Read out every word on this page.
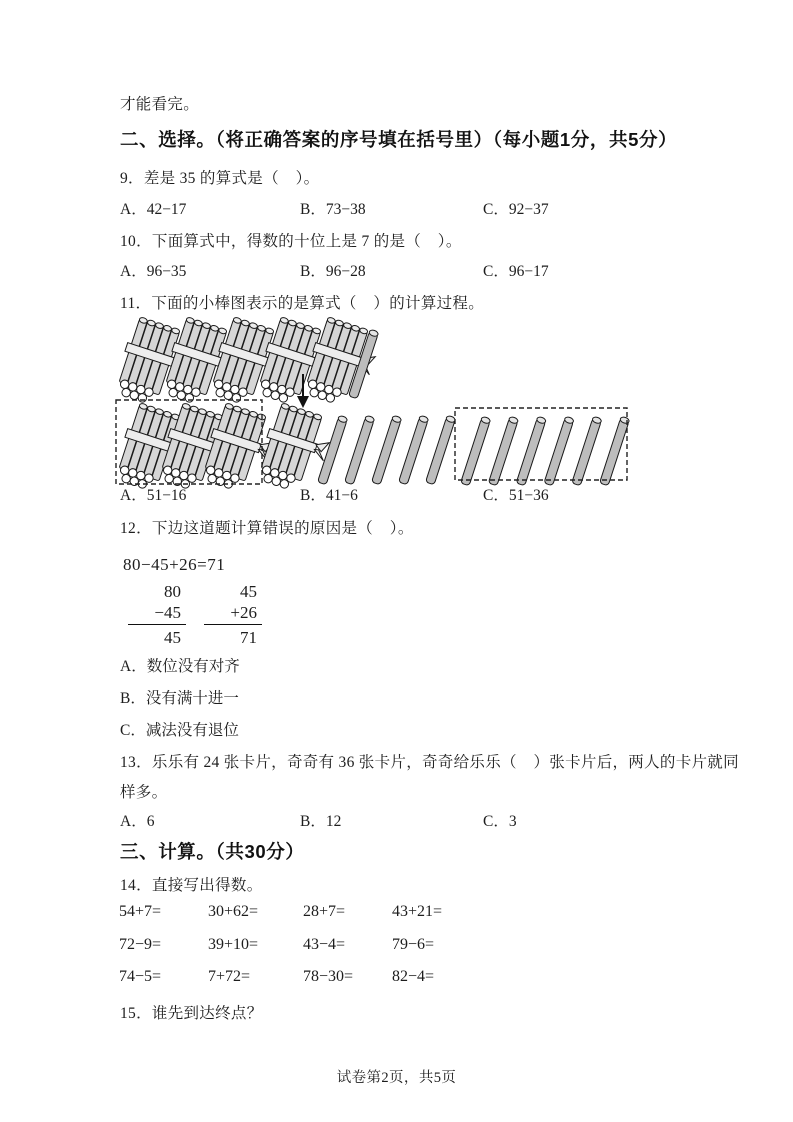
才能看完。
二、选择。（将正确答案的序号填在括号里）（每小题1分，共5分）
9．差是 35 的算式是（    ）。
A．42−17	B．73−38	C．92−37
10．下面算式中，得数的十位上是 7 的是（    ）。
A．96−35	B．96−28	C．96−17
11．下面的小棒图表示的是算式（    ）的计算过程。
A．51−16	B．41−6	C．51−36
12．下边这道题计算错误的原因是（    ）。
80−45+26=71
80
−45
45
45
+26
71
A．数位没有对齐
B．没有满十进一
C．减法没有退位
13．乐乐有 24 张卡片，奇奇有 36 张卡片，奇奇给乐乐（    ）张卡片后，两人的卡片就同
样多。
A．6	B．12	C．3
三、计算。（共30分）
14．直接写出得数。
54+7=	30+62=	28+7=	43+21=
72−9=	39+10=	43−4=	79−6=
74−5=	7+72=	78−30= 82−4=
15．谁先到达终点？
试卷第2页，共5页
